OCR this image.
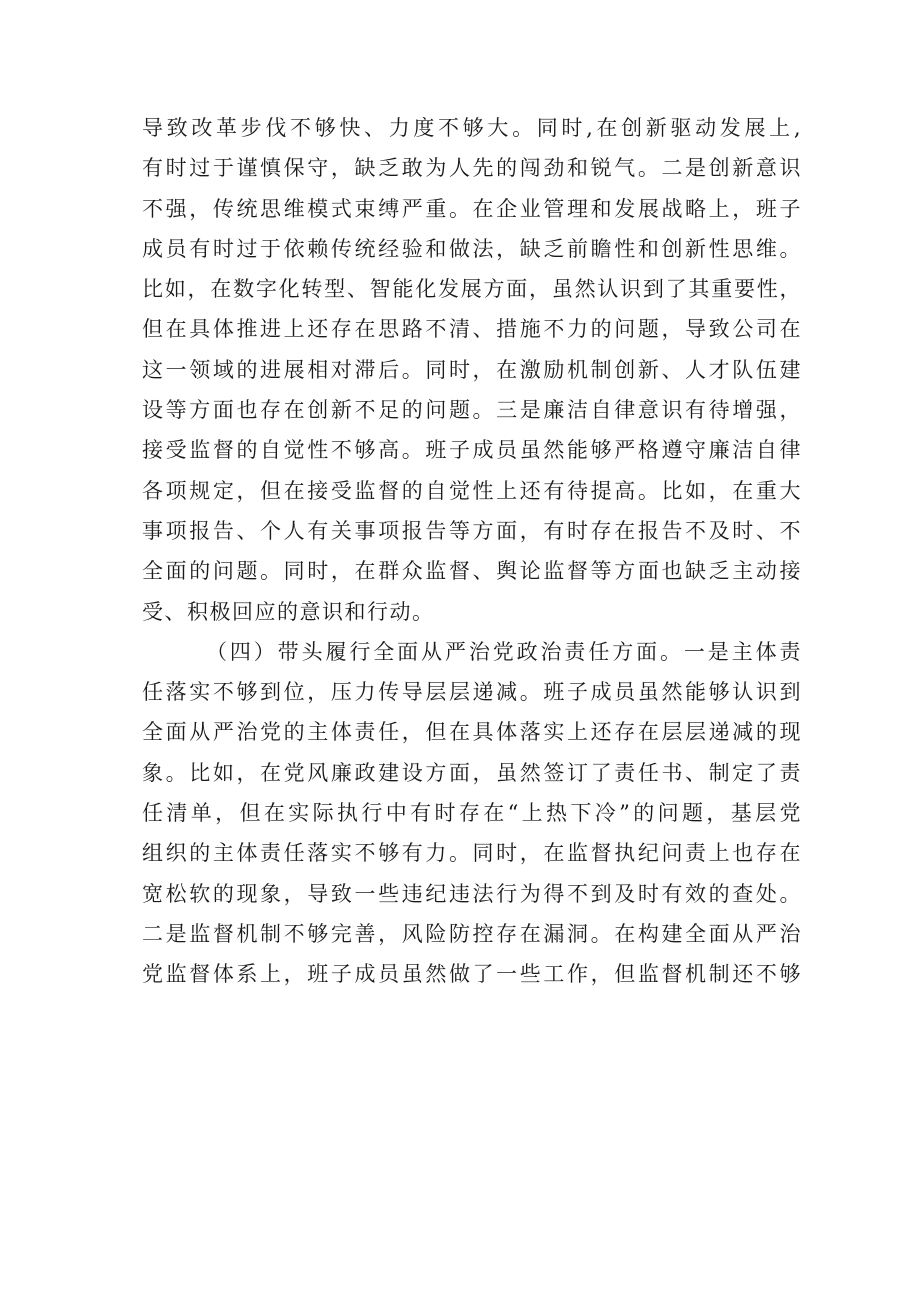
导致改革步伐不够快、力度不够大。同时,在创新驱动发展上,
有时过于谨慎保守，缺乏敢为人先的闯劲和锐气。二是创新意识
不强，传统思维模式束缚严重。在企业管理和发展战略上，班子
成员有时过于依赖传统经验和做法，缺乏前瞻性和创新性思维。
比如，在数字化转型、智能化发展方面，虽然认识到了其重要性，
但在具体推进上还存在思路不清、措施不力的问题，导致公司在
这一领域的进展相对滞后。同时，在激励机制创新、人才队伍建
设等方面也存在创新不足的问题。三是廉洁自律意识有待增强，
接受监督的自觉性不够高。班子成员虽然能够严格遵守廉洁自律
各项规定，但在接受监督的自觉性上还有待提高。比如，在重大
事项报告、个人有关事项报告等方面，有时存在报告不及时、不
全面的问题。同时，在群众监督、舆论监督等方面也缺乏主动接
受、积极回应的意识和行动。
（四）带头履行全面从严治党政治责任方面。一是主体责
任落实不够到位，压力传导层层递减。班子成员虽然能够认识到
全面从严治党的主体责任，但在具体落实上还存在层层递减的现
象。比如，在党风廉政建设方面，虽然签订了责任书、制定了责
任清单，但在实际执行中有时存在“上热下冷”的问题，基层党
组织的主体责任落实不够有力。同时，在监督执纪问责上也存在
宽松软的现象，导致一些违纪违法行为得不到及时有效的查处。
二是监督机制不够完善，风险防控存在漏洞。在构建全面从严治
党监督体系上，班子成员虽然做了一些工作，但监督机制还不够
